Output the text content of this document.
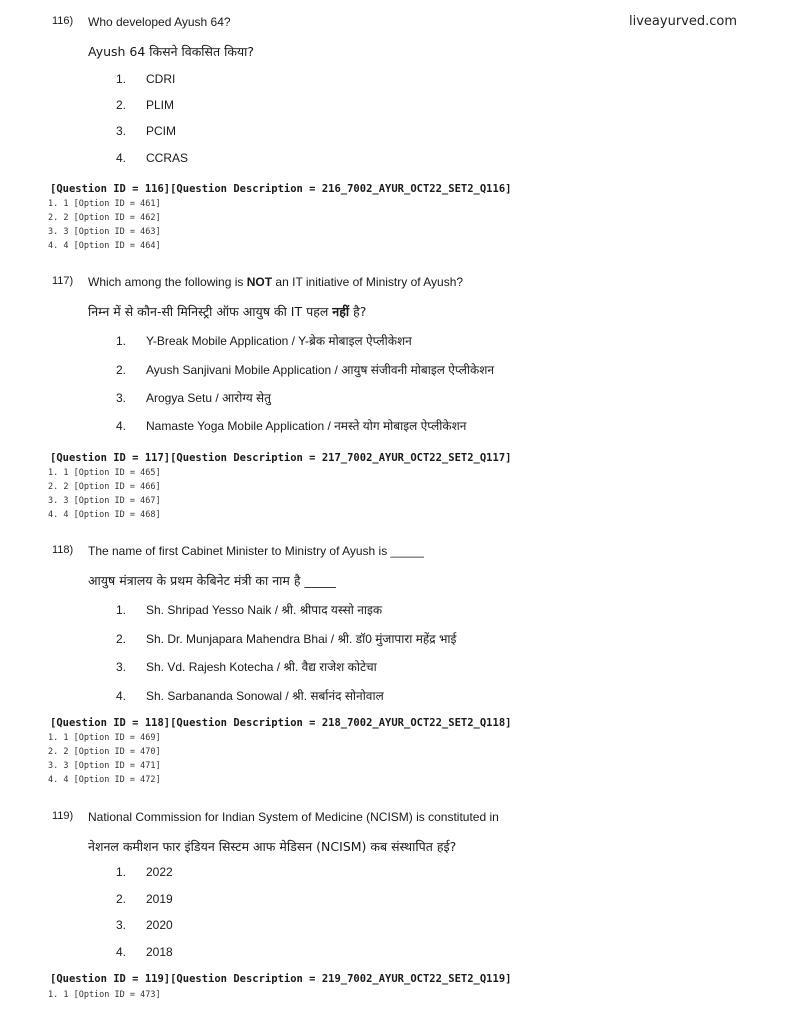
liveayurved.com
116) Who developed Ayush 64?
Ayush 64 किसने विकसित किया?
1. CDRI
2. PLIM
3. PCIM
4. CCRAS
[Question ID = 116][Question Description = 216_7002_AYUR_OCT22_SET2_Q116]
1. 1 [Option ID = 461]
2. 2 [Option ID = 462]
3. 3 [Option ID = 463]
4. 4 [Option ID = 464]
117) Which among the following is NOT an IT initiative of Ministry of Ayush?
निम्न में से कौन-सी मिनिस्ट्री ऑफ आयुष की IT पहल नहीं है?
1. Y-Break Mobile Application / Y-ब्रेक मोबाइल ऐप्लीकेशन
2. Ayush Sanjivani Mobile Application / आयुष संजीवनी मोबाइल ऐप्लीकेशन
3. Arogya Setu / आरोग्य सेतु
4. Namaste Yoga Mobile Application / नमस्ते योग मोबाइल ऐप्लीकेशन
[Question ID = 117][Question Description = 217_7002_AYUR_OCT22_SET2_Q117]
1. 1 [Option ID = 465]
2. 2 [Option ID = 466]
3. 3 [Option ID = 467]
4. 4 [Option ID = 468]
118) The name of first Cabinet Minister to Ministry of Ayush is _____
आयुष मंत्रालय के प्रथम केबिनेट मंत्री का नाम है _____
1. Sh. Shripad Yesso Naik / श्री. श्रीपाद यस्सो नाइक
2. Sh. Dr. Munjapara Mahendra Bhai / श्री. डॉ0 मुंजापारा महेंद्र भाई
3. Sh. Vd. Rajesh Kotecha / श्री. वैद्य राजेश कोटेचा
4. Sh. Sarbananda Sonowal / श्री. सर्बानंद सोनोवाल
[Question ID = 118][Question Description = 218_7002_AYUR_OCT22_SET2_Q118]
1. 1 [Option ID = 469]
2. 2 [Option ID = 470]
3. 3 [Option ID = 471]
4. 4 [Option ID = 472]
119) National Commission for Indian System of Medicine (NCISM) is constituted in
नेशनल कमीशन फार इंडियन सिस्टम आफ मेडिसन (NCISM) कब संस्थापित हई?
1. 2022
2. 2019
3. 2020
4. 2018
[Question ID = 119][Question Description = 219_7002_AYUR_OCT22_SET2_Q119]
1. 1 [Option ID = 473]
